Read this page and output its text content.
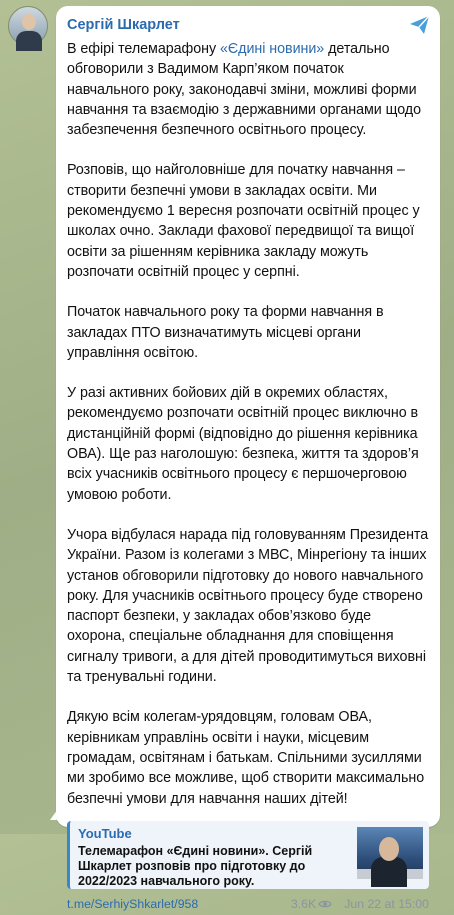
Сергій Шкарлет
В ефірі телемарафону «Єдині новини» детально обговорили з Вадимом Карп’яком початок навчального року, законодавчі зміни, можливі форми навчання та взаємодію з державними органами щодо забезпечення безпечного освітнього процесу.
Розповів, що найголовніше для початку навчання – створити безпечні умови в закладах освіти. Ми рекомендуємо 1 вересня розпочати освітній процес у школах очно. Заклади фахової передвищої та вищої освіти за рішенням керівника закладу можуть розпочати освітній процес у серпні.
Початок навчального року та форми навчання в закладах ПТО визначатимуть місцеві органи управління освітою.
У разі активних бойових дій в окремих областях, рекомендуємо розпочати освітній процес виключно в дистанційній формі (відповідно до рішення керівника ОВА). Ще раз наголошую: безпека, життя та здоров’я всіх учасників освітнього процесу є першочерговою умовою роботи.
Учора відбулася нарада під головуванням Президента України. Разом із колегами з МВС, Мінрегіону та інших установ обговорили підготовку до нового навчального року. Для учасників освітнього процесу буде створено паспорт безпеки, у закладах обов’язково буде охорона, спеціальне обладнання для сповіщення сигналу тривоги, а для дітей проводитимуться виховні та тренувальні години.
Дякую всім колегам-урядовцям, головам ОВА, керівникам управлінь освіти і науки, місцевим громадам, освітянам і батькам. Спільними зусиллями ми зробимо все можливе, щоб створити максимально безпечні умови для навчання наших дітей!
YouTube
Телемарафон «Єдині новини». Сергій Шкарлет розповів про підготовку до 2022/2023 навчального року.
t.me/SerhiyShkarlet/958	3.6K Jun 22 at 15:00
